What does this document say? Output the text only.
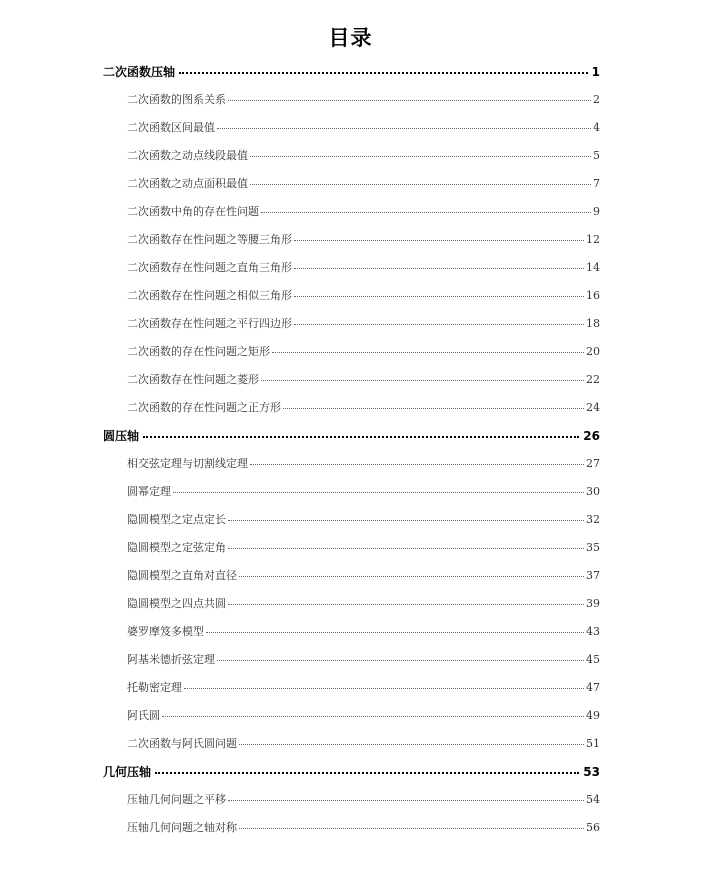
目录
二次函数压轴	1
二次函数的图系关系	2
二次函数区间最值	4
二次函数之动点线段最值	5
二次函数之动点面积最值	7
二次函数中角的存在性问题	9
二次函数存在性问题之等腰三角形	12
二次函数存在性问题之直角三角形	14
二次函数存在性问题之相似三角形	16
二次函数存在性问题之平行四边形	18
二次函数的存在性问题之矩形	20
二次函数存在性问题之菱形	22
二次函数的存在性问题之正方形	24
圆压轴	26
相交弦定理与切割线定理	27
圆幂定理	30
隐圆模型之定点定长	32
隐圆模型之定弦定角	35
隐圆模型之直角对直径	37
隐圆模型之四点共圆	39
婆罗摩笈多模型	43
阿基米德折弦定理	45
托勒密定理	47
阿氏圆	49
二次函数与阿氏圆问题	51
几何压轴	53
压轴几何问题之平移	54
压轴几何问题之轴对称	56
